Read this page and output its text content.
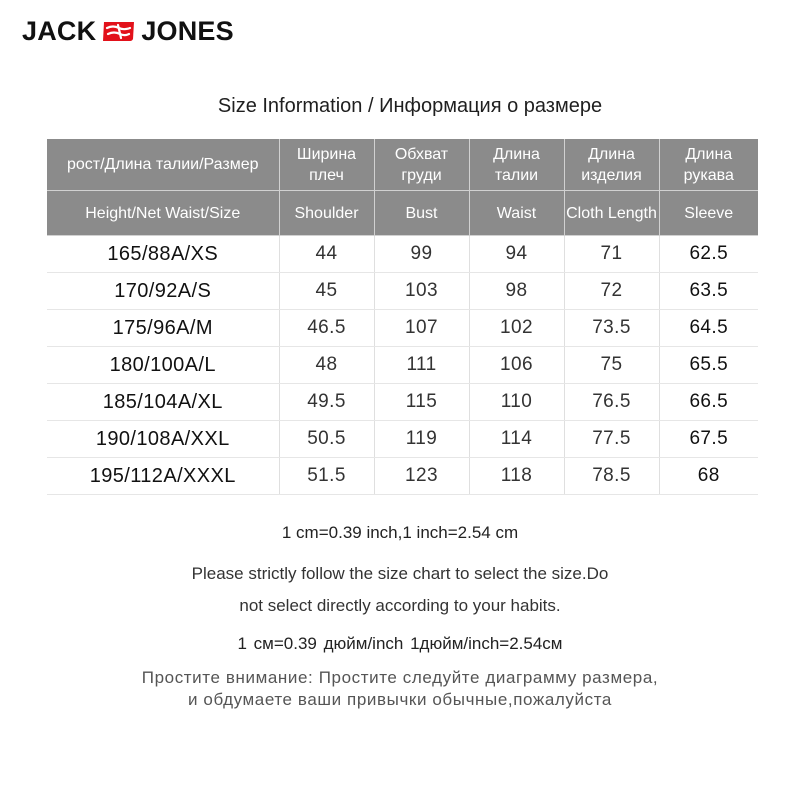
JACK JONES
Size Information / Информация о размере
рост/Длина талии/Размер	Ширина плеч	Обхват груди	Длина талии	Длина изделия	Длина рукава
Height/Net Waist/Size	Shoulder	Bust	Waist	Cloth Length	Sleeve
165/88A/XS	44	99	94	71	62.5
170/92A/S	45	103	98	72	63.5
175/96A/M	46.5	107	102	73.5	64.5
180/100A/L	48	111	106	75	65.5
185/104A/XL	49.5	115	110	76.5	66.5
190/108A/XXL	50.5	119	114	77.5	67.5
195/112A/XXXL	51.5	123	118	78.5	68
1 cm=0.39 inch,1 inch=2.54 cm
Please strictly follow the size chart to select the size.Do
not select directly according to your habits.
1 см=0.39 дюйм/inch 1дюйм/inch=2.54см
Простите внимание: Простите следуйте диаграмму размера,
и обдумаете ваши привычки обычные,пожалуйста
